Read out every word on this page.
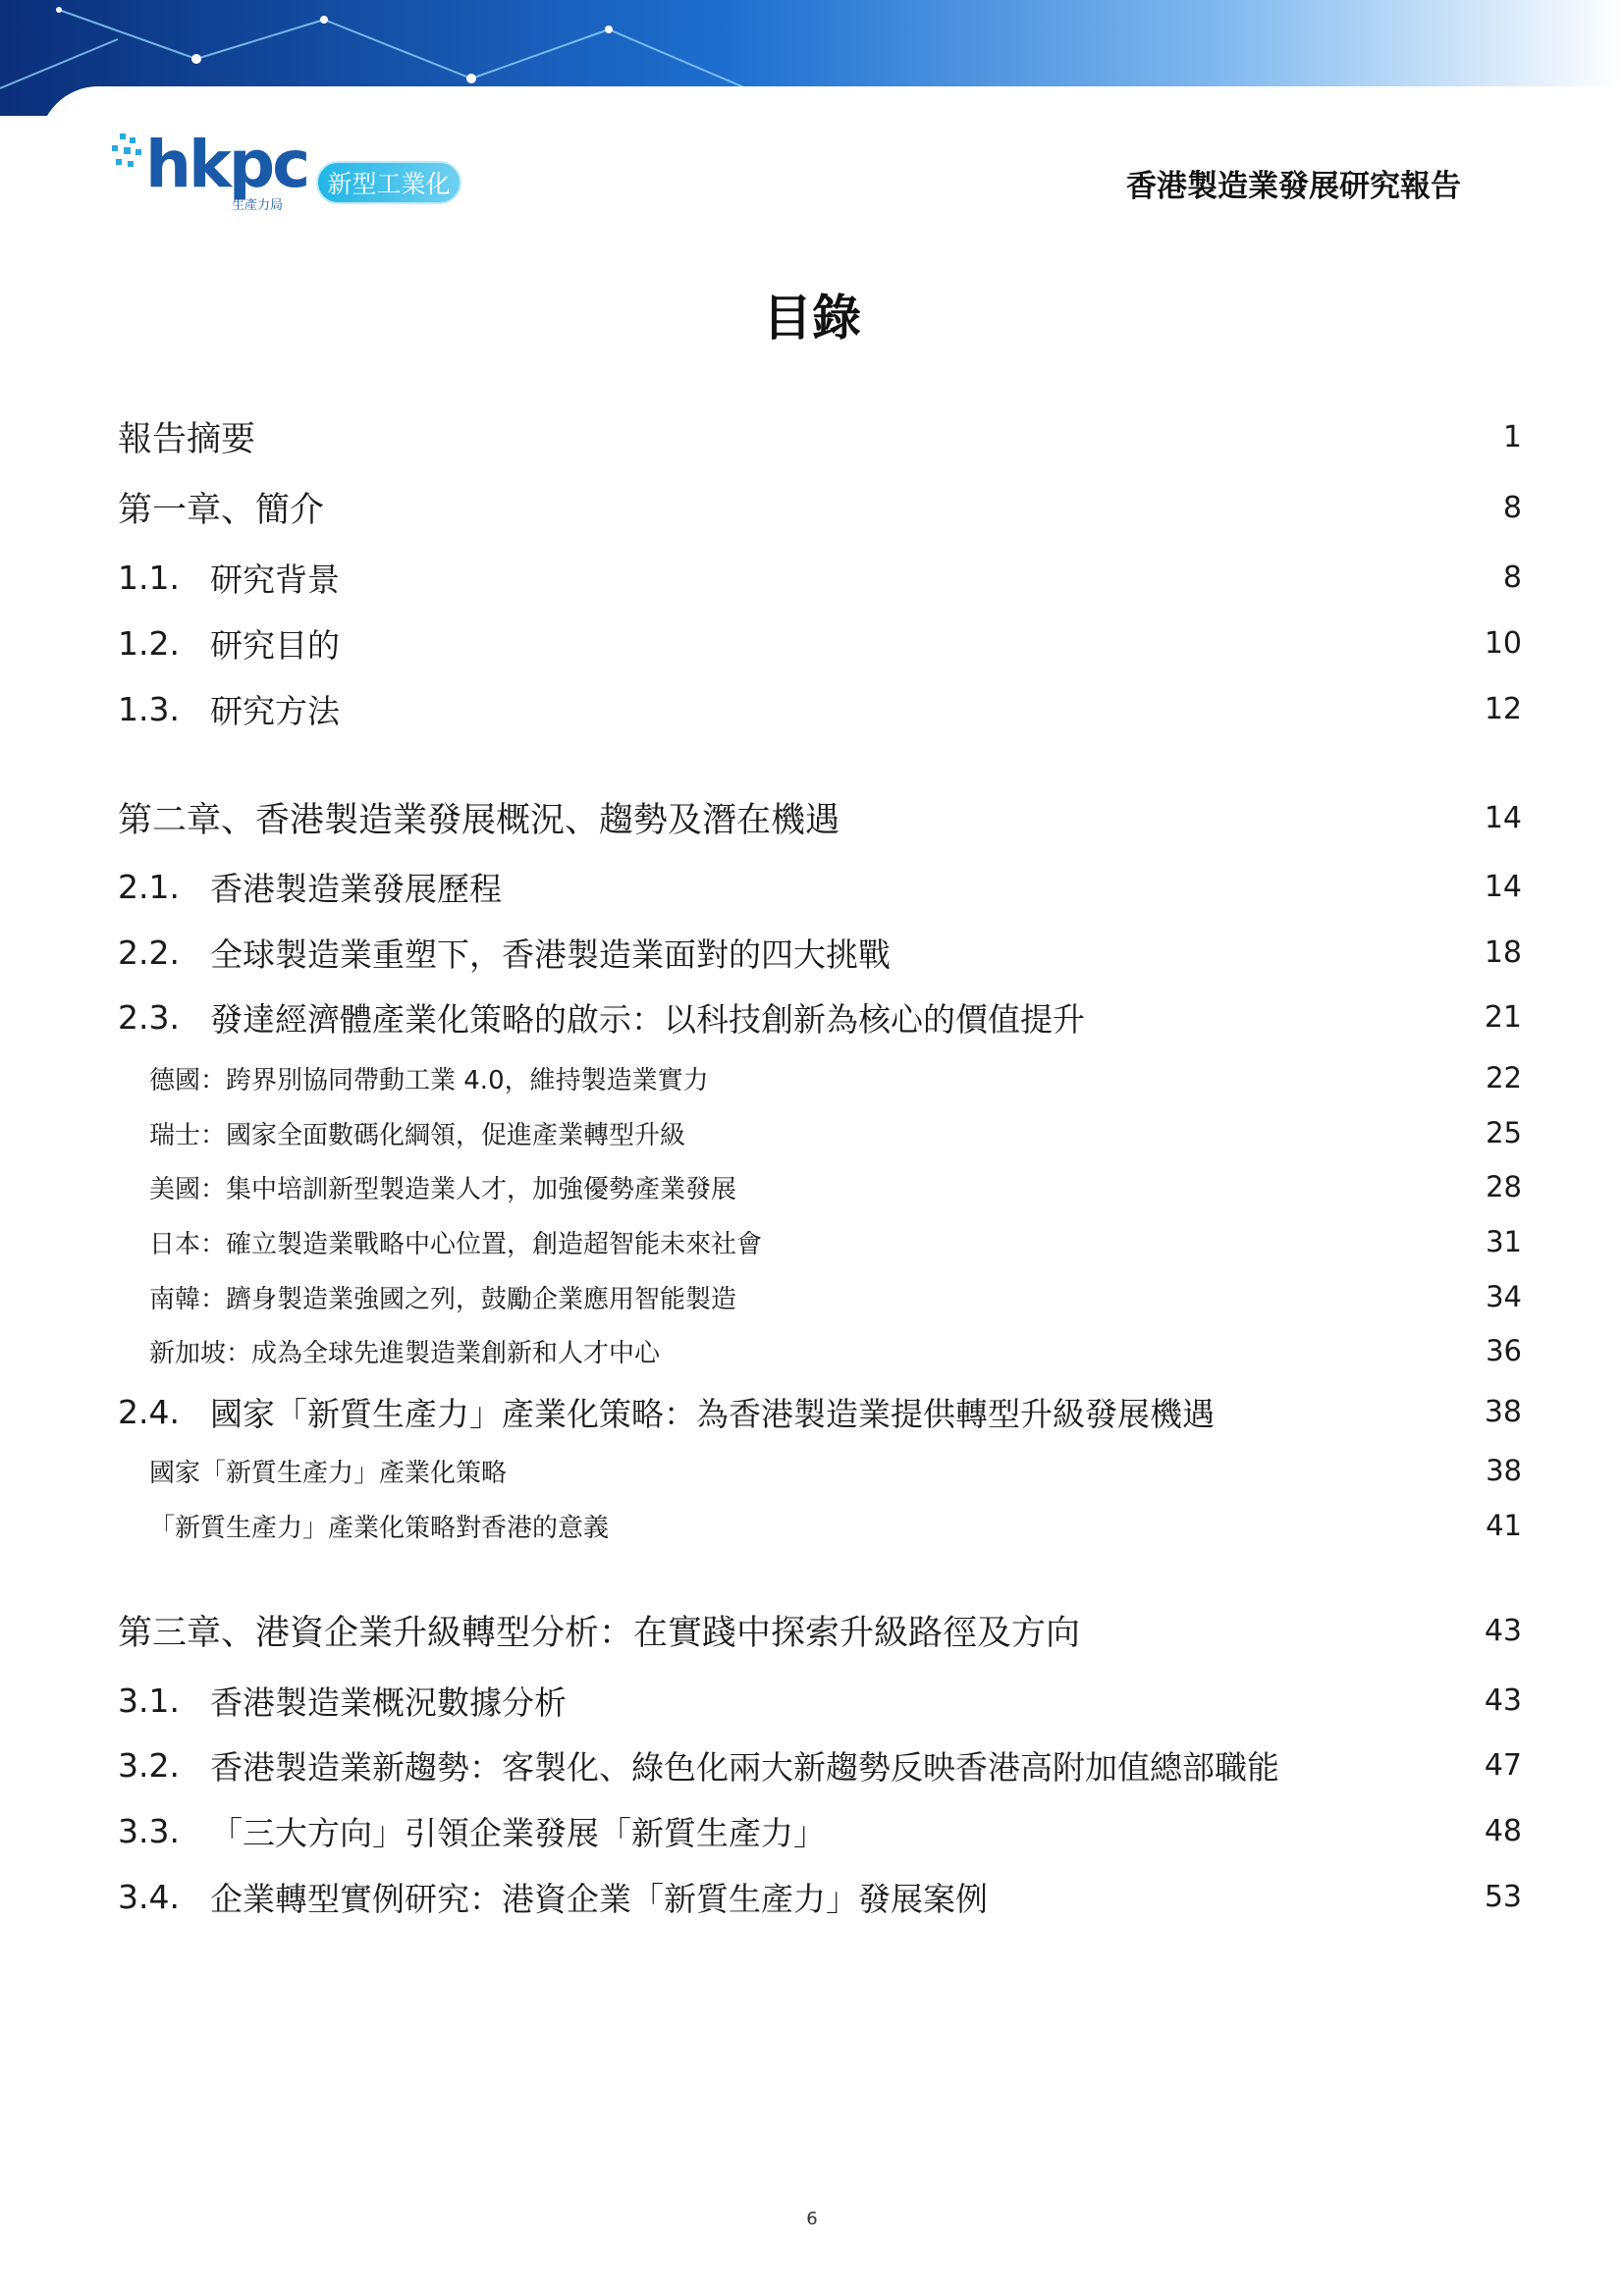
hkpc
生產力局
新型工業化	香港製造業發展研究報告
目錄
報告摘要	1
第一章、簡介	8
1.1. 研究背景	8
1.2. 研究目的	10
1.3. 研究方法	12
第二章、香港製造業發展概況、趨勢及潛在機遇	14
2.1. 香港製造業發展歷程	14
2.2. 全球製造業重塑下，香港製造業面對的四大挑戰	18
2.3. 發達經濟體產業化策略的啟示：以科技創新為核心的價值提升	21
德國：跨界別協同帶動工業 4.0，維持製造業實力	22
瑞士：國家全面數碼化綱領，促進產業轉型升級	25
美國：集中培訓新型製造業人才，加強優勢產業發展	28
日本：確立製造業戰略中心位置，創造超智能未來社會	31
南韓：躋身製造業強國之列，鼓勵企業應用智能製造	34
新加坡：成為全球先進製造業創新和人才中心	36
2.4. 國家「新質生產力」產業化策略：為香港製造業提供轉型升級發展機遇	38
國家「新質生產力」產業化策略	38
「新質生產力」產業化策略對香港的意義	41
第三章、港資企業升級轉型分析：在實踐中探索升級路徑及方向	43
3.1. 香港製造業概況數據分析	43
3.2. 香港製造業新趨勢：客製化、綠色化兩大新趨勢反映香港高附加值總部職能	47
3.3. 「三大方向」引領企業發展「新質生產力」	48
3.4. 企業轉型實例研究：港資企業「新質生產力」發展案例	53
6
